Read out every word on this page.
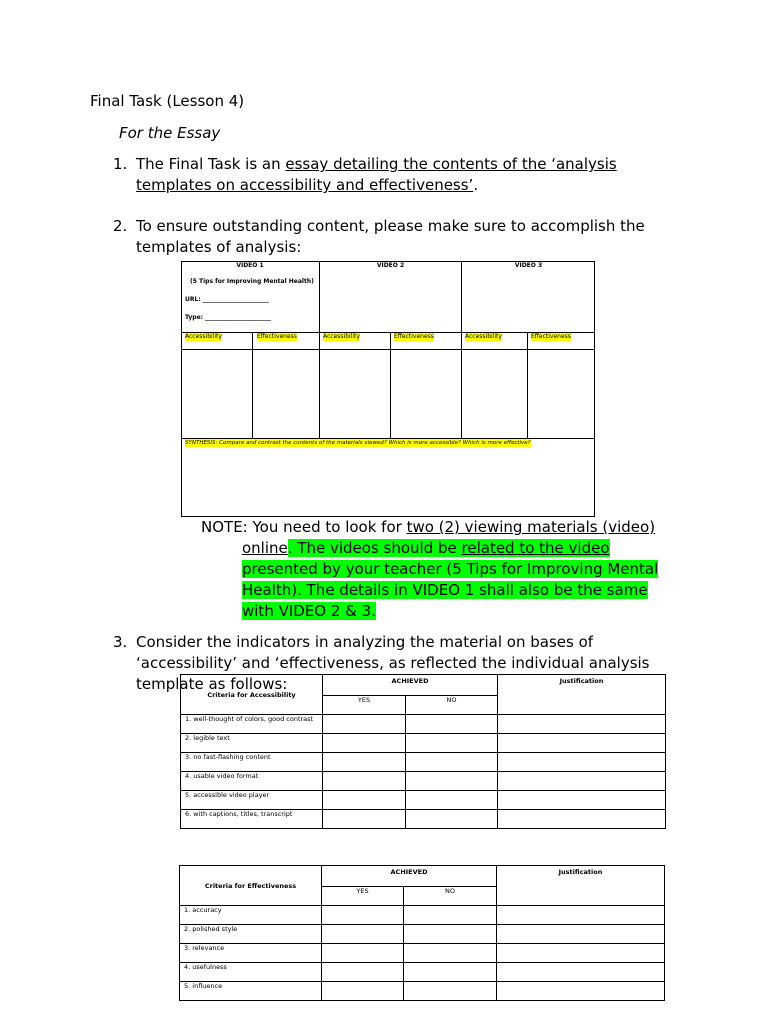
Final Task (Lesson 4)
For the Essay
1. The Final Task is an essay detailing the contents of the ‘analysis
templates on accessibility and effectiveness’.
2. To ensure outstanding content, please make sure to accomplish the
templates of analysis:
VIDEO 1	VIDEO 2	VIDEO 3
(5 Tips for Improving Mental Health)
URL: ______________________
Type: ______________________
Accessibility	Effectiveness	Accessibility	Effectiveness	Accessibility	Effectiveness
SYNTHESIS: Compare and contrast the contents of the materials viewed? Which is more accessible? Which is more effective?
NOTE: You need to look for two (2) viewing materials (video)
online. The videos should be related to the video
presented by your teacher (5 Tips for Improving Mental
Health). The details in VIDEO 1 shall also be the same
with VIDEO 2 & 3.
3. Consider the indicators in analyzing the material on bases of
‘accessibility’ and ‘effectiveness, as reflected the individual analysis
template as follows:
Criteria for Accessibility	ACHIEVED		Justification
	YES	NO	
1. well-thought of colors, good contrast			
2. legible text			
3. no fast-flashing content			
4. usable video format			
5. accessible video player			
6. with captions, titles, transcript			
Criteria for Effectiveness	ACHIEVED		Justification
	YES	NO	
1. accuracy			
2. polished style			
3. relevance			
4. usefulness			
5. influence			
